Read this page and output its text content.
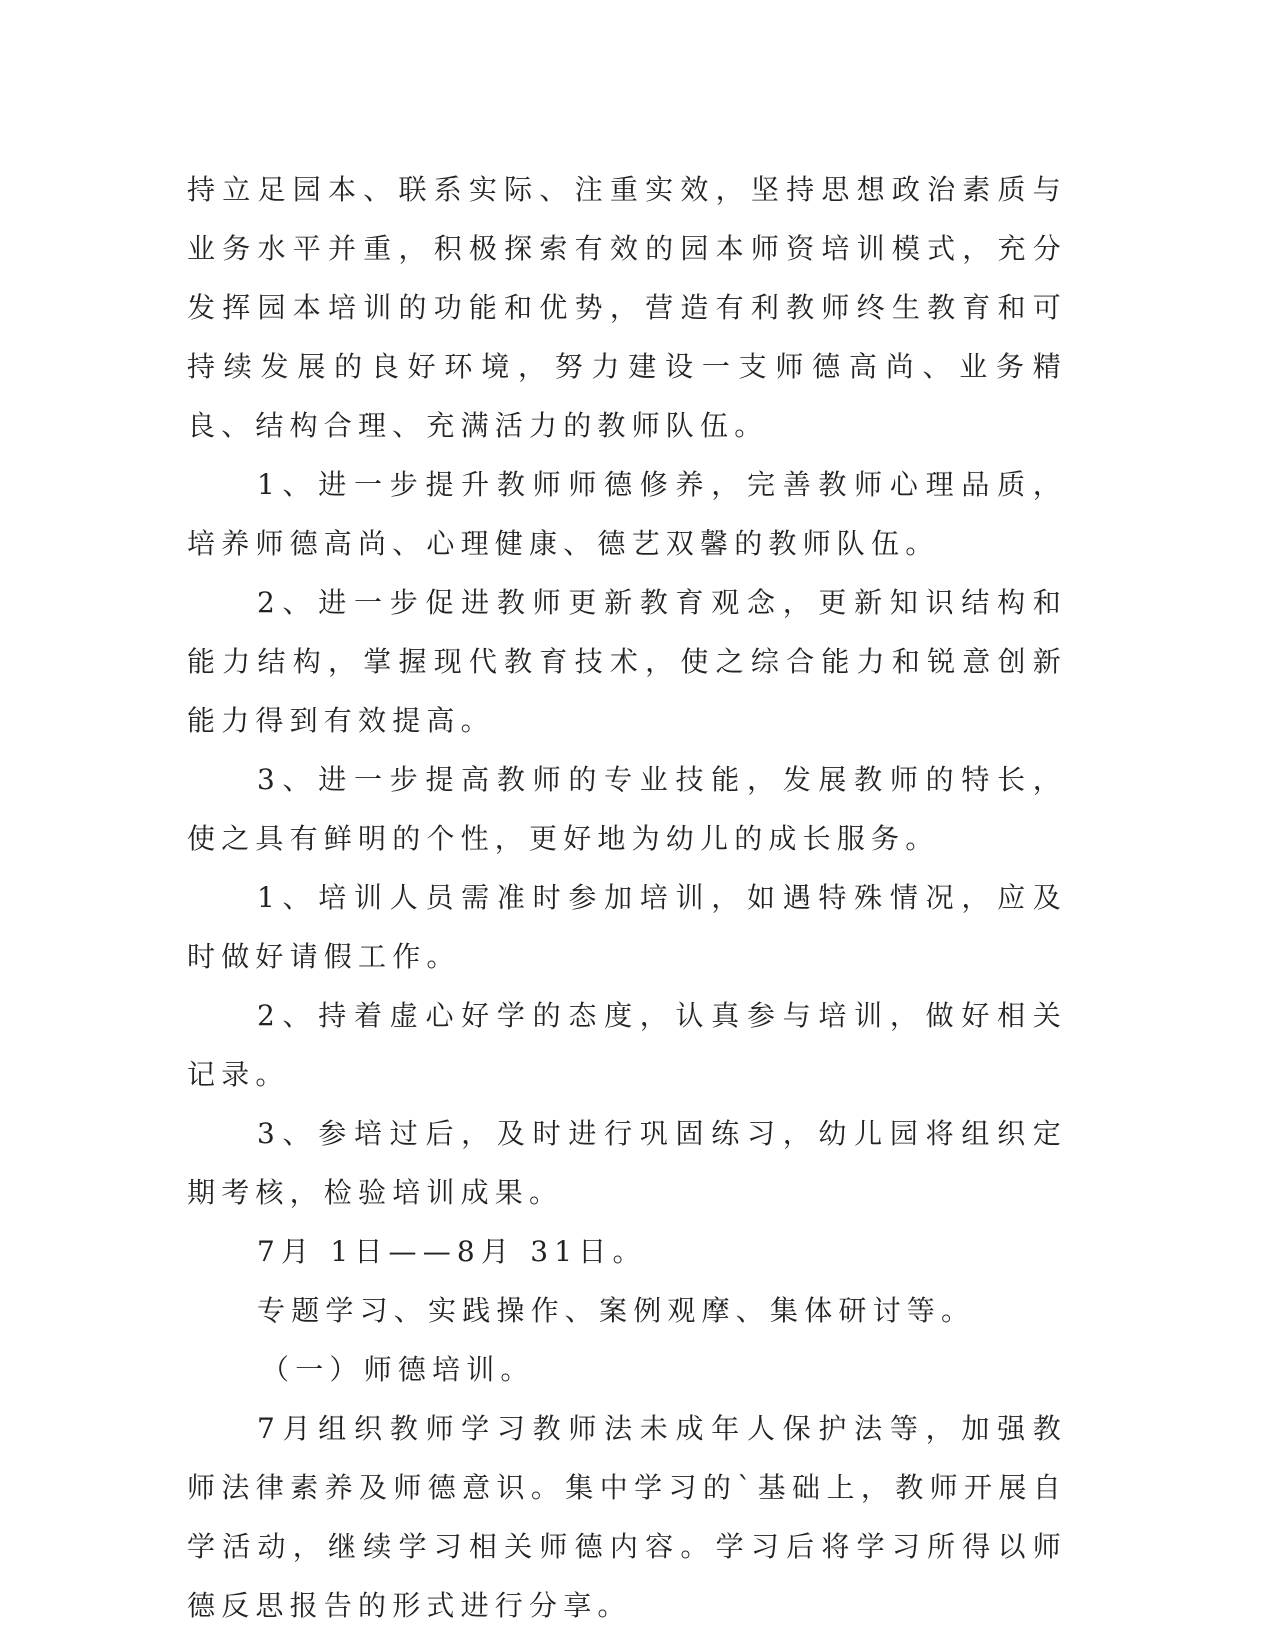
持立足园本、联系实际、注重实效，坚持思想政治素质与业务水平并重，积极探索有效的园本师资培训模式，充分发挥园本培训的功能和优势，营造有利教师终生教育和可持续发展的良好环境，努力建设一支师德高尚、业务精良、结构合理、充满活力的教师队伍。

1、进一步提升教师师德修养，完善教师心理品质，培养师德高尚、心理健康、德艺双馨的教师队伍。

2、进一步促进教师更新教育观念，更新知识结构和能力结构，掌握现代教育技术，使之综合能力和锐意创新能力得到有效提高。

3、进一步提高教师的专业技能，发展教师的特长，使之具有鲜明的个性，更好地为幼儿的成长服务。

1、培训人员需准时参加培训，如遇特殊情况，应及时做好请假工作。

2、持着虚心好学的态度，认真参与培训，做好相关记录。

3、参培过后，及时进行巩固练习，幼儿园将组织定期考核，检验培训成果。

7月 1日——8月 31日。

专题学习、实践操作、案例观摩、集体研讨等。

（一）师德培训。

7月组织教师学习教师法未成年人保护法等，加强教师法律素养及师德意识。集中学习的`基础上，教师开展自学活动，继续学习相关师德内容。学习后将学习所得以师德反思报告的形式进行分享。
